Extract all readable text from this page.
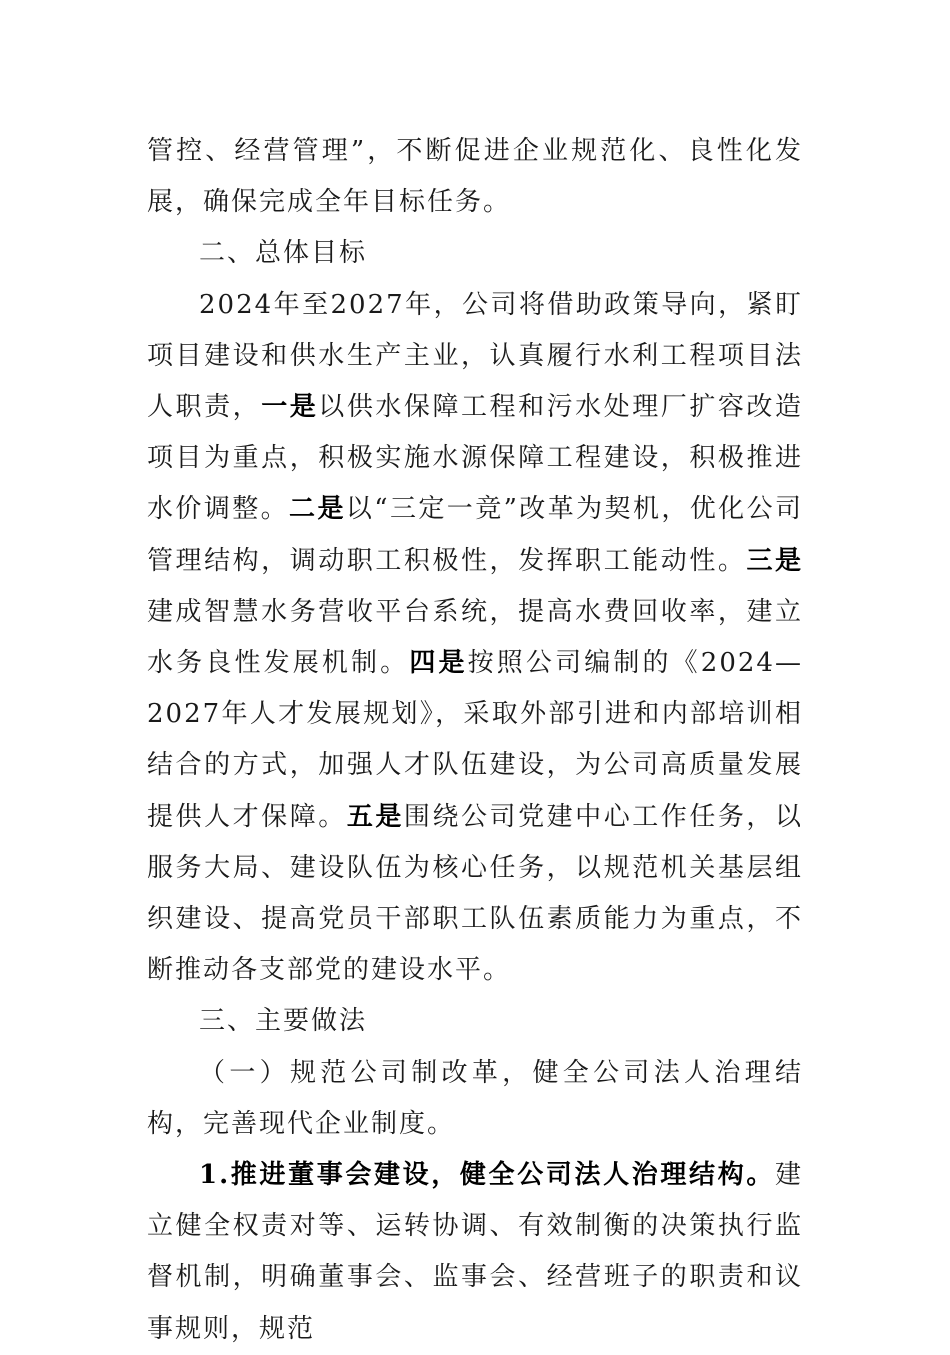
管控、经营管理”，不断促进企业规范化、良性化发展，确保完成全年目标任务。

二、总体目标

2024年至2027年，公司将借助政策导向，紧盯项目建设和供水生产主业，认真履行水利工程项目法人职责，一是以供水保障工程和污水处理厂扩容改造项目为重点，积极实施水源保障工程建设，积极推进水价调整。二是以“三定一竞”改革为契机，优化公司管理结构，调动职工积极性，发挥职工能动性。三是建成智慧水务营收平台系统，提高水费回收率，建立水务良性发展机制。四是按照公司编制的《2024—2027年人才发展规划》，采取外部引进和内部培训相结合的方式，加强人才队伍建设，为公司高质量发展提供人才保障。五是围绕公司党建中心工作任务，以服务大局、建设队伍为核心任务，以规范机关基层组织建设、提高党员干部职工队伍素质能力为重点，不断推动各支部党的建设水平。

三、主要做法

（一）规范公司制改革，健全公司法人治理结构，完善现代企业制度。

1.推进董事会建设，健全公司法人治理结构。建立健全权责对等、运转协调、有效制衡的决策执行监督机制，明确董事会、监事会、经营班子的职责和议事规则，规范
